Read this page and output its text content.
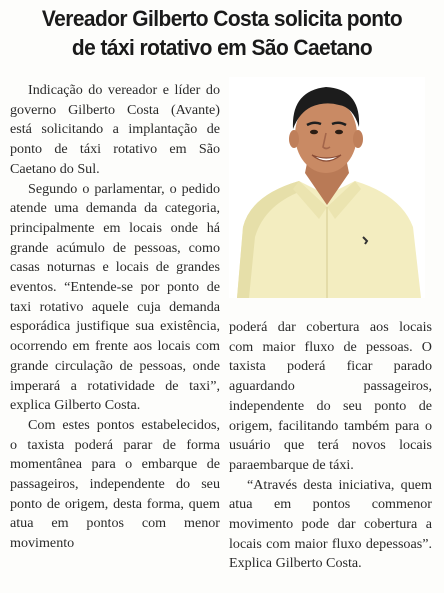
Vereador Gilberto Costa solicita ponto
de táxi rotativo em São Caetano

Indicação do vereador e líder do governo Gilberto Costa (Avante) está solicitando a implantação de ponto de táxi rotativo em São Caetano do Sul.

Segundo o parlamentar, o pedido atende uma demanda da categoria, principalmente em locais onde há grande acúmulo de pessoas, como casas noturnas e locais de grandes eventos. “Entende-se por ponto de taxi rotativo aquele cuja demanda esporádica justifique sua existência, ocorrendo em frente aos locais com grande circulação de pessoas, onde imperará a rotatividade de taxi”, explica Gilberto Costa.

Com estes pontos estabelecidos, o taxista poderá parar de forma momentânea para o embarque de passageiros, independente do seu ponto de origem, desta forma, quem atua em pontos com menor movimento

poderá dar cobertura aos locais com maior fluxo de pessoas. O taxista poderá ficar parado aguardando passageiros, independente do seu ponto de origem, facilitando também para o usuário que terá novos locais paraembarque de táxi.

“Através desta iniciativa, quem atua em pontos commenor movimento pode dar cobertura a locais com maior fluxo depessoas”. Explica Gilberto Costa.
